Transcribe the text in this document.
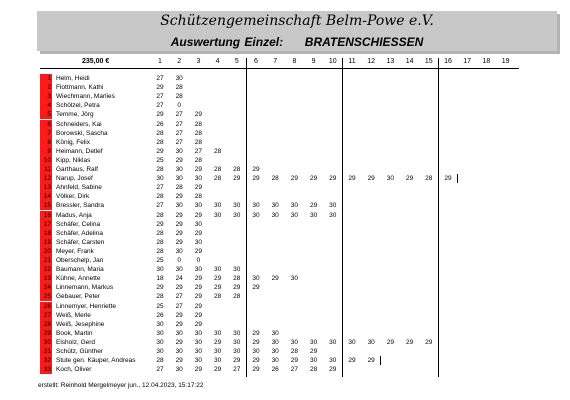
Schützengemeinschaft Belm-Powe e.V.
Auswertung Einzel: BRATENSCHIESSEN
235,00 €	1	2	3	4	5	6	7	8	9	10	11	12	13	14	15	16	17	18	19
1 Helm, Heidi	27	30
2 Flottmann, Kathi	29	28
3 Wiechmann, Marlies	27	28
4 Schölzel, Petra	27	0
5 Temme, Jörg	29	27	29
6 Schneiders, Kai	26	27	28
7 Borowski, Sascha	28	27	28
8 König, Felix	28	27	28
9 Heimann, Detlef	29	30	27	28
10 Kipp, Niklas	25	29	28
11 Garthaus, Ralf	28	30	29	28	28	29
12 Narup, Josef	30	30	30	28	29	29	28	29	29	29	29	29	30	29	28	29
13 Ahnfeld, Sabine	27	28	29
14 Völker, Dirk	28	29	28
15 Bressler, Sandra	27	30	30	30	30	30	30	30	29	30
16 Madus, Anja	28	29	29	30	30	30	30	30	30	30
17 Schäfer, Celina	29	29	30
18 Schäfer, Adelina	28	29	29
19 Schäfer, Carsten	28	29	30
20 Meyer, Frank	28	30	29
21 Oberschelp, Jan	25	0	0
22 Baumann, Maria	30	30	30	30	30
23 Kühne, Annette	18	24	29	29	28	30	29	30
24 Linnemann, Markus	29	29	29	29	29	29
25 Gebauer, Peter	28	27	29	28	28
26 Linnemyer, Henriette	25	27	29
27 Weiß, Merle	26	29	29
28 Weiß, Jesephine	30	29	29
29 Book, Martin	30	30	30	30	30	29	30
30 Elsholz, Gerd	30	29	30	29	30	29	30	30	30	30	30	30	29	29	29
31 Schütz, Günther	30	30	30	30	30	30	30	28	29
32 Stute gen. Käuper, Andreas	28	29	30	30	29	29	30	29	30	30	29	29
33 Koch, Oliver	27	30	29	29	27	29	26	27	28	29
erstellt: Reinhold Mergelmeyer jun., 12.04.2023, 15:17:22
